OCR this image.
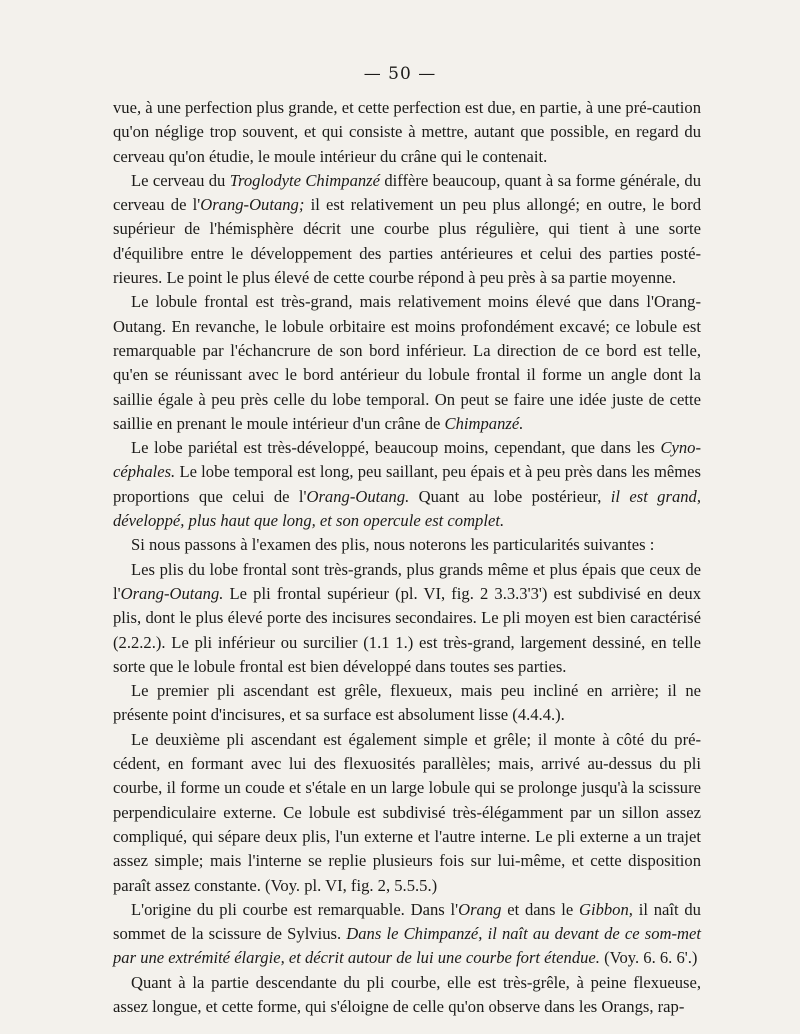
— 50 —

vue, à une perfection plus grande, et cette perfection est due, en partie, à une pré-caution qu'on néglige trop souvent, et qui consiste à mettre, autant que possible, en regard du cerveau qu'on étudie, le moule intérieur du crâne qui le contenait.

Le cerveau du Troglodyte Chimpanzé diffère beaucoup, quant à sa forme générale, du cerveau de l'Orang-Outang; il est relativement un peu plus allongé; en outre, le bord supérieur de l'hémisphère décrit une courbe plus régulière, qui tient à une sorte d'équilibre entre le développement des parties antérieures et celui des parties posté-rieures. Le point le plus élevé de cette courbe répond à peu près à sa partie moyenne.

Le lobule frontal est très-grand, mais relativement moins élevé que dans l'Orang-Outang. En revanche, le lobule orbitaire est moins profondément excavé; ce lobule est remarquable par l'échancrure de son bord inférieur. La direction de ce bord est telle, qu'en se réunissant avec le bord antérieur du lobule frontal il forme un angle dont la saillie égale à peu près celle du lobe temporal. On peut se faire une idée juste de cette saillie en prenant le moule intérieur d'un crâne de Chimpanzé.

Le lobe pariétal est très-développé, beaucoup moins, cependant, que dans les Cyno-céphales. Le lobe temporal est long, peu saillant, peu épais et à peu près dans les mêmes proportions que celui de l'Orang-Outang. Quant au lobe postérieur, il est grand, développé, plus haut que long, et son opercule est complet.

Si nous passons à l'examen des plis, nous noterons les particularités suivantes :

Les plis du lobe frontal sont très-grands, plus grands même et plus épais que ceux de l'Orang-Outang. Le pli frontal supérieur (pl. VI, fig. 2 3.3.3'3') est subdivisé en deux plis, dont le plus élevé porte des incisures secondaires. Le pli moyen est bien caractérisé (2.2.2.). Le pli inférieur ou surcilier (1.1 1.) est très-grand, largement dessiné, en telle sorte que le lobule frontal est bien développé dans toutes ses parties.

Le premier pli ascendant est grêle, flexueux, mais peu incliné en arrière; il ne présente point d'incisures, et sa surface est absolument lisse (4.4.4.).

Le deuxième pli ascendant est également simple et grêle; il monte à côté du pré-cédent, en formant avec lui des flexuosités parallèles; mais, arrivé au-dessus du pli courbe, il forme un coude et s'étale en un large lobule qui se prolonge jusqu'à la scissure perpendiculaire externe. Ce lobule est subdivisé très-élégamment par un sillon assez compliqué, qui sépare deux plis, l'un externe et l'autre interne. Le pli externe a un trajet assez simple; mais l'interne se replie plusieurs fois sur lui-même, et cette disposition paraît assez constante. (Voy. pl. VI, fig. 2, 5.5.5.)

L'origine du pli courbe est remarquable. Dans l'Orang et dans le Gibbon, il naît du sommet de la scissure de Sylvius. Dans le Chimpanzé, il naît au devant de ce som-met par une extrémité élargie, et décrit autour de lui une courbe fort étendue. (Voy. 6. 6. 6'.)

Quant à la partie descendante du pli courbe, elle est très-grêle, à peine flexueuse, assez longue, et cette forme, qui s'éloigne de celle qu'on observe dans les Orangs, rap-
